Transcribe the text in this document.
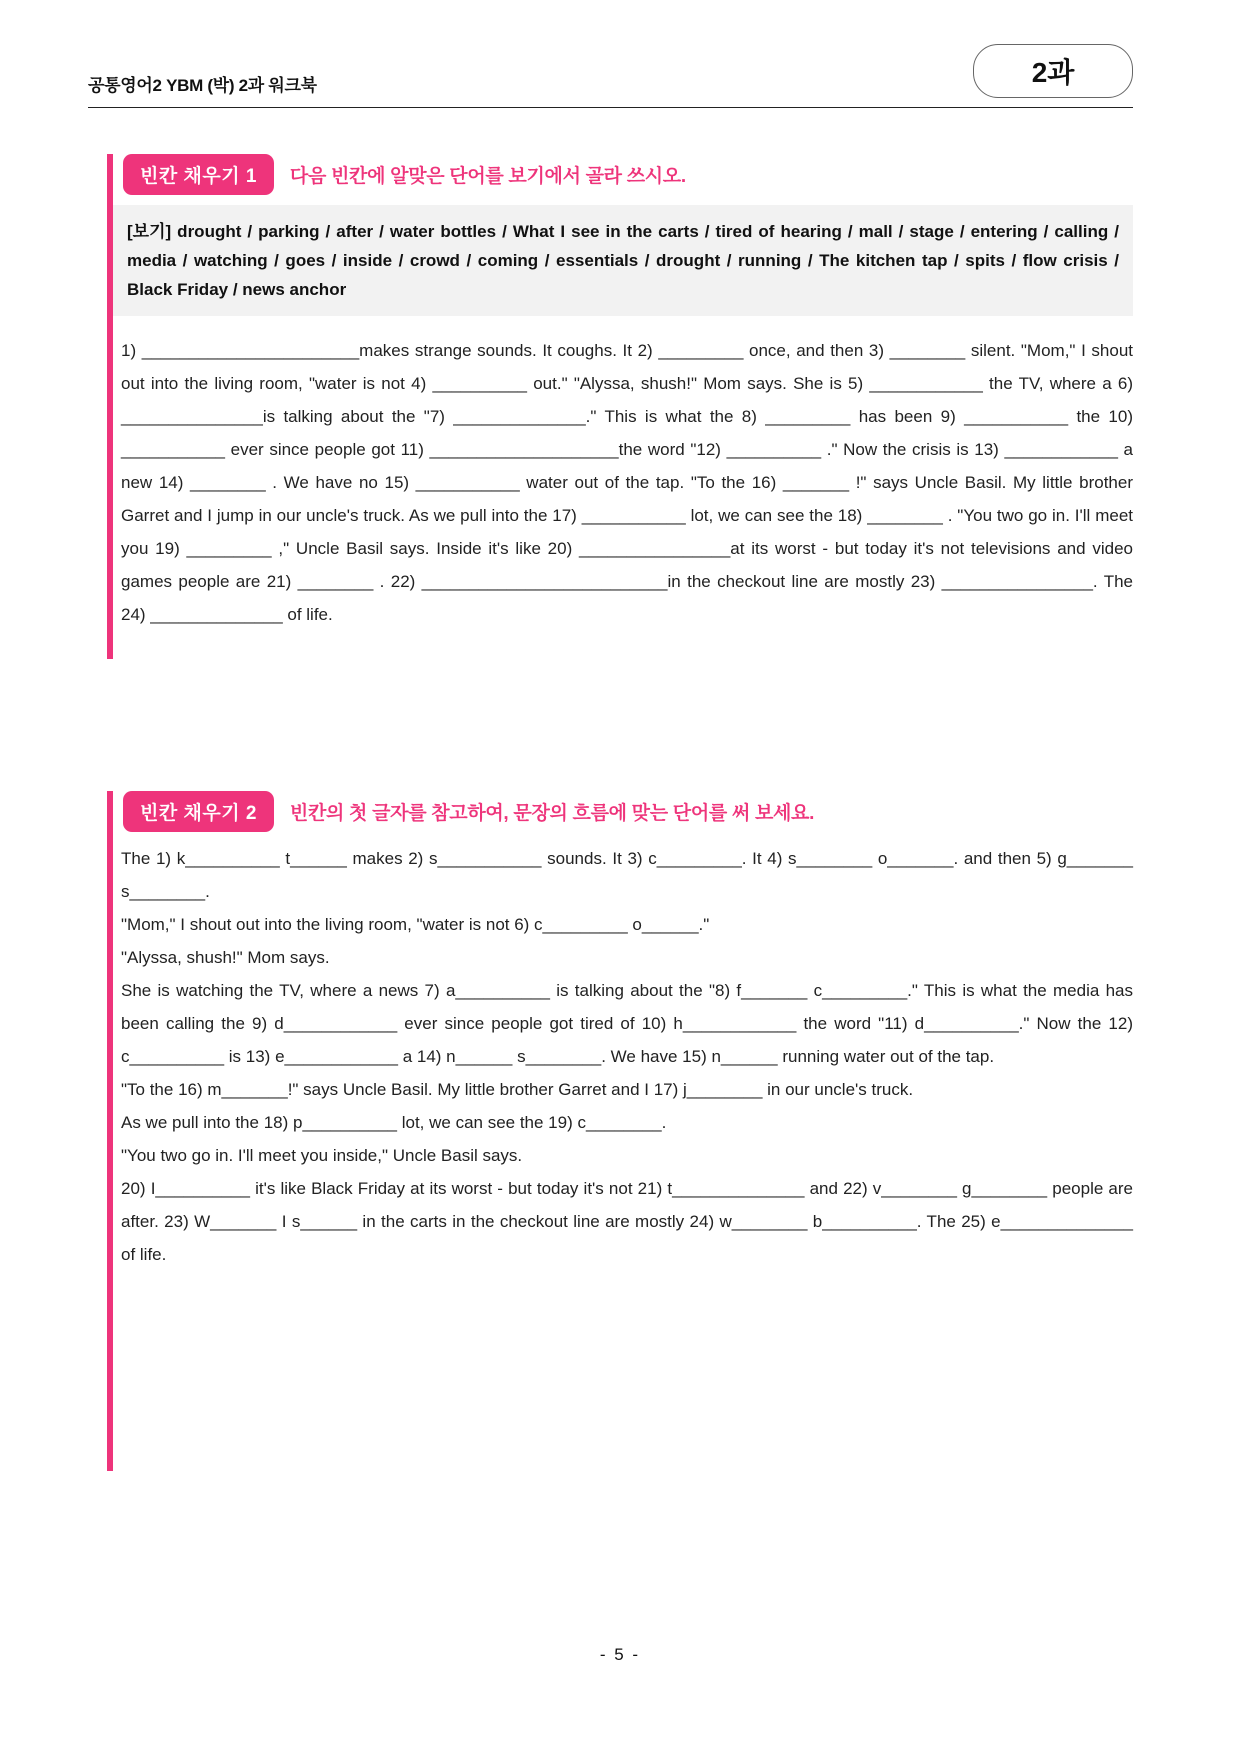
공통영어2 YBM (박) 2과 워크북	2과
빈칸 채우기 1	다음 빈칸에 알맞은 단어를 보기에서 골라 쓰시오.
[보기] drought / parking / after / water bottles / What I see in the carts / tired of hearing / mall / stage / entering / calling / media / watching / goes / inside / crowd / coming / essentials / drought / running / The kitchen tap / spits / flow crisis / Black Friday / news anchor

1) _______________________makes strange sounds. It coughs. It 2) _________ once, and then 3) ________ silent. "Mom," I shout out into the living room, "water is not 4) __________ out." "Alyssa, shush!" Mom says. She is 5) ____________ the TV, where a 6) _______________is talking about the "7) ______________." This is what the 8) _________ has been 9) ___________ the 10) ___________ ever since people got 11) ____________________the word "12) __________ ." Now the crisis is 13) ____________ a new 14) ________ . We have no 15) ___________ water out of the tap. "To the 16) _______ !" says Uncle Basil. My little brother Garret and I jump in our uncle's truck. As we pull into the 17) ___________ lot, we can see the 18) ________ . "You two go in. I'll meet you 19) _________ ," Uncle Basil says. Inside it's like 20) ________________at its worst - but today it's not televisions and video games people are 21) ________ . 22) __________________________in the checkout line are mostly 23) ________________. The 24) ______________ of life.

빈칸 채우기 2	빈칸의 첫 글자를 참고하여, 문장의 흐름에 맞는 단어를 써 보세요.

The 1) k__________ t______ makes 2) s___________ sounds. It 3) c_________. It 4) s________ o_______. and then 5) g_______ s________.

"Mom," I shout out into the living room, "water is not 6) c_________ o______."

"Alyssa, shush!" Mom says.

She is watching the TV, where a news 7) a__________ is talking about the "8) f_______ c_________." This is what the media has been calling the 9) d____________ ever since people got tired of 10) h____________ the word "11) d__________." Now the 12) c__________ is 13) e____________ a 14) n______ s________. We have 15) n______ running water out of the tap.

"To the 16) m_______!" says Uncle Basil. My little brother Garret and I 17) j________ in our uncle's truck.

As we pull into the 18) p__________ lot, we can see the 19) c________.

"You two go in. I'll meet you inside," Uncle Basil says.

20) I__________ it's like Black Friday at its worst - but today it's not 21) t______________ and 22) v________ g________ people are after. 23) W_______ I s______ in the carts in the checkout line are mostly 24) w________ b__________. The 25) e______________ of life.

- 5 -
